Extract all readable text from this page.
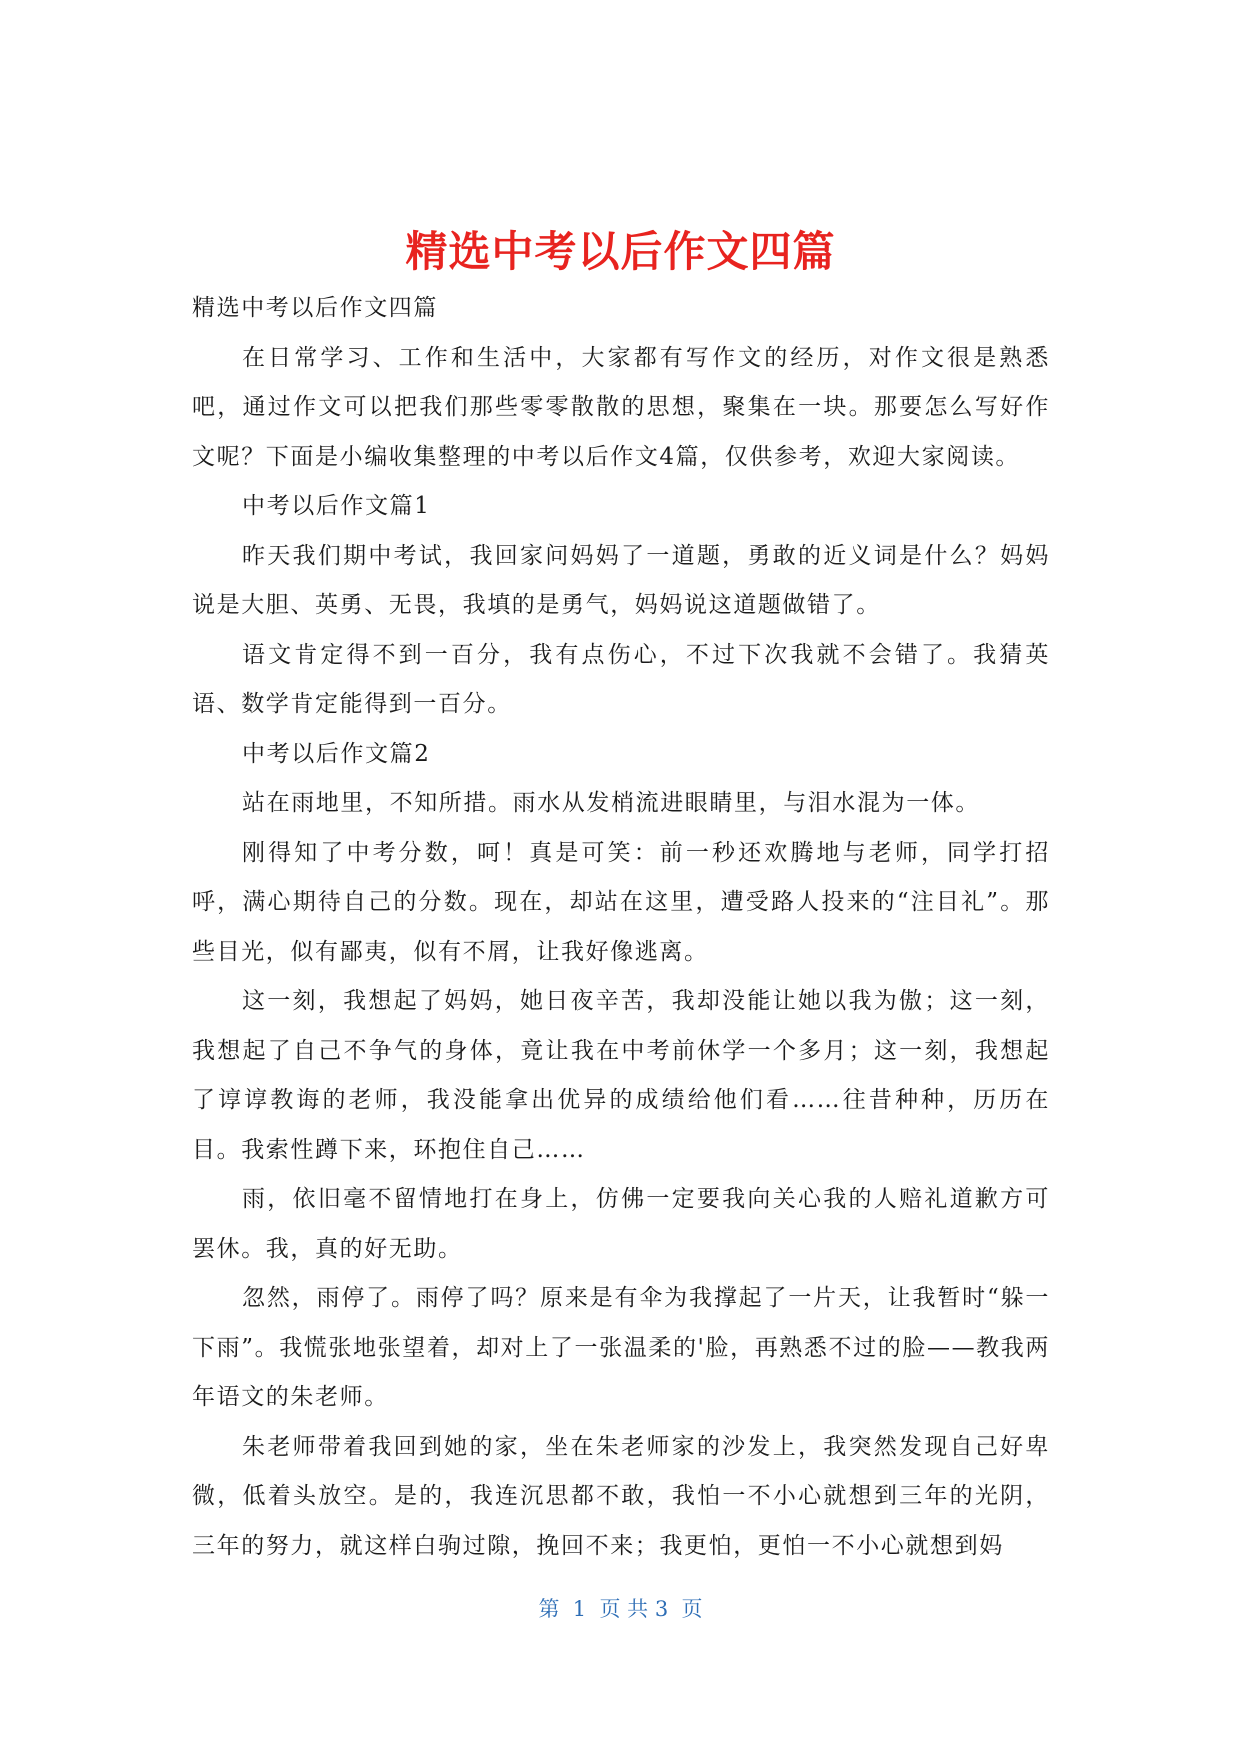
精选中考以后作文四篇

精选中考以后作文四篇

在日常学习、工作和生活中，大家都有写作文的经历，对作文很是熟悉吧，通过作文可以把我们那些零零散散的思想，聚集在一块。那要怎么写好作文呢？下面是小编收集整理的中考以后作文4篇，仅供参考，欢迎大家阅读。

中考以后作文篇1

昨天我们期中考试，我回家问妈妈了一道题，勇敢的近义词是什么？妈妈说是大胆、英勇、无畏，我填的是勇气，妈妈说这道题做错了。

语文肯定得不到一百分，我有点伤心，不过下次我就不会错了。我猜英语、数学肯定能得到一百分。

中考以后作文篇2

站在雨地里，不知所措。雨水从发梢流进眼睛里，与泪水混为一体。

刚得知了中考分数，呵！真是可笑：前一秒还欢腾地与老师，同学打招呼，满心期待自己的分数。现在，却站在这里，遭受路人投来的“注目礼”。那些目光，似有鄙夷，似有不屑，让我好像逃离。

这一刻，我想起了妈妈，她日夜辛苦，我却没能让她以我为傲；这一刻，我想起了自己不争气的身体，竟让我在中考前休学一个多月；这一刻，我想起了谆谆教诲的老师，我没能拿出优异的成绩给他们看……往昔种种，历历在目。我索性蹲下来，环抱住自己……

雨，依旧毫不留情地打在身上，仿佛一定要我向关心我的人赔礼道歉方可罢休。我，真的好无助。

忽然，雨停了。雨停了吗？原来是有伞为我撑起了一片天，让我暂时“躲一下雨”。我慌张地张望着，却对上了一张温柔的'脸，再熟悉不过的脸——教我两年语文的朱老师。

朱老师带着我回到她的家，坐在朱老师家的沙发上，我突然发现自己好卑微，低着头放空。是的，我连沉思都不敢，我怕一不小心就想到三年的光阴，三年的努力，就这样白驹过隙，挽回不来；我更怕，更怕一不小心就想到妈

第  1  页 共 3  页
